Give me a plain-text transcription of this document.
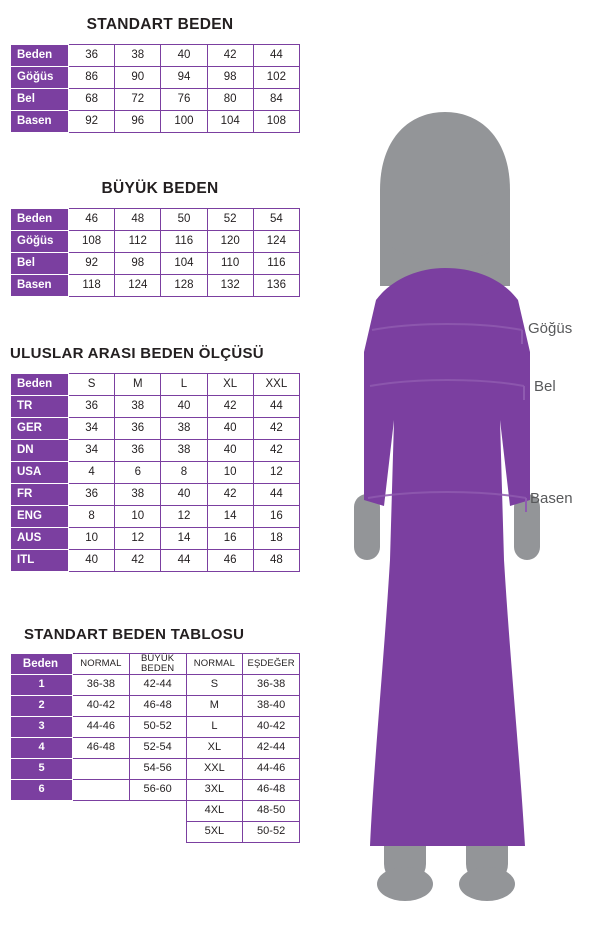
STANDART BEDEN
Beden	36	38	40	42	44
Göğüs	86	90	94	98	102
Bel	68	72	76	80	84
Basen	92	96	100	104	108
BÜYÜK BEDEN
Beden	46	48	50	52	54
Göğüs	108	112	116	120	124
Bel	92	98	104	110	116
Basen	118	124	128	132	136
ULUSLAR ARASI BEDEN ÖLÇÜSÜ
Beden	S	M	L	XL	XXL
TR	36	38	40	42	44
GER	34	36	38	40	42
DN	34	36	38	40	42
USA	4	6	8	10	12
FR	36	38	40	42	44
ENG	8	10	12	14	16
AUS	10	12	14	16	18
ITL	40	42	44	46	48
STANDART BEDEN TABLOSU
Beden	NORMAL	BÜYÜK BEDEN	NORMAL	EŞDEĞER
1	36-38	42-44	S	36-38
2	40-42	46-48	M	38-40
3	44-46	50-52	L	40-42
4	46-48	52-54	XL	42-44
5		54-56	XXL	44-46
6		56-60	3XL	46-48
			4XL	48-50
			5XL	50-52
Göğüs
Bel
Basen
